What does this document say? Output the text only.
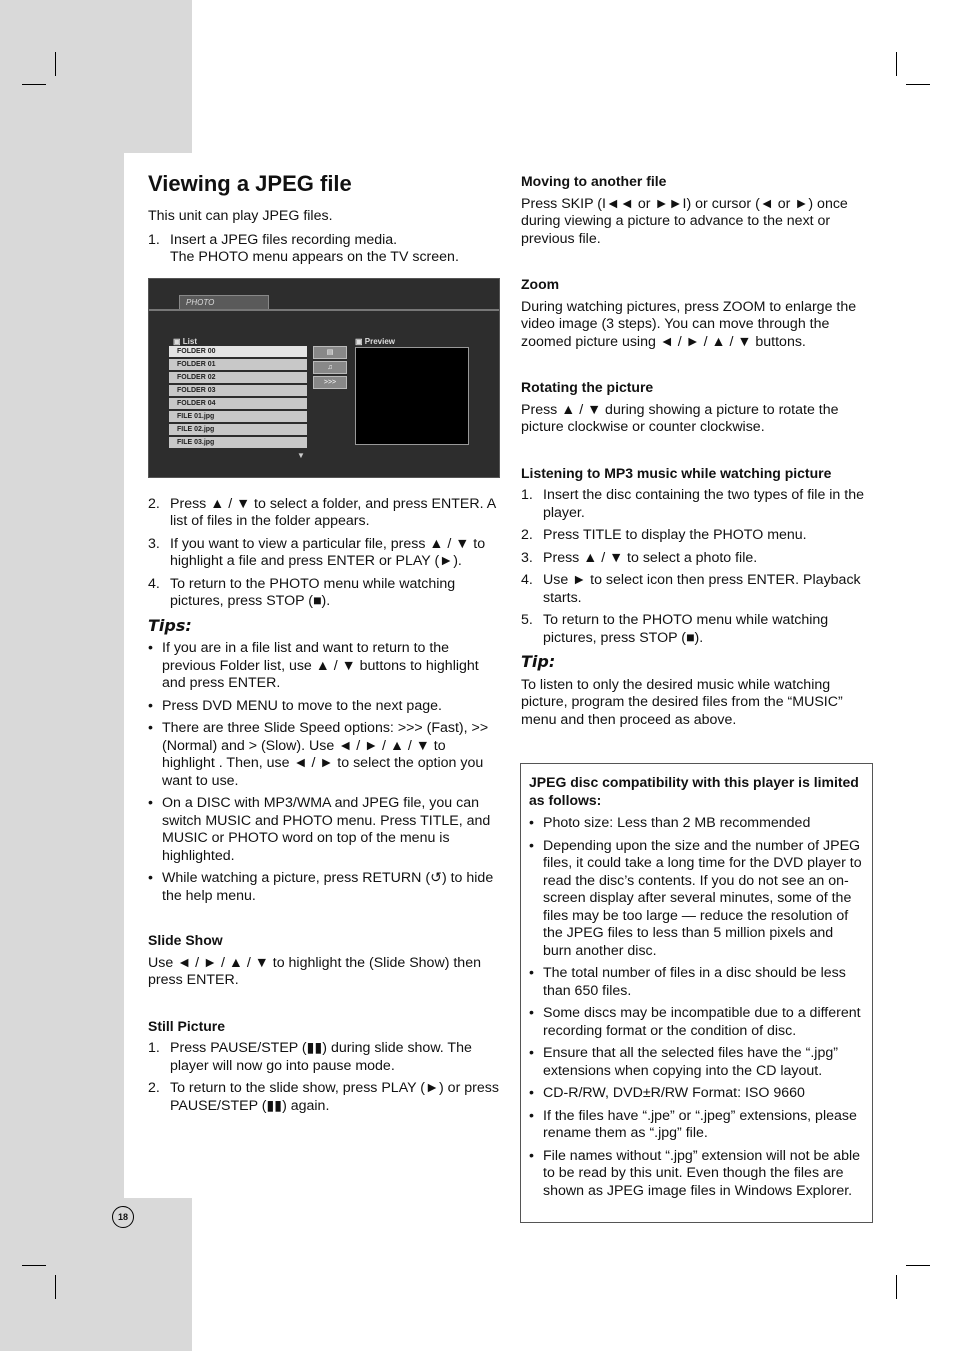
Viewing a JPEG file

This unit can play JPEG files.

1. Insert a JPEG files recording media.
The PHOTO menu appears on the TV screen.
PHOTO
▣ List	▣ Preview
FOLDER 00
FOLDER 01
FOLDER 02
FOLDER 03
FOLDER 04
FILE 01.jpg
FILE 02.jpg
FILE 03.jpg
▤
♫
>>>
▼
2. Press ▲ / ▼ to select a folder, and press ENTER. A list of files in the folder appears.
3. If you want to view a particular file, press ▲ / ▼ to highlight a file and press ENTER or PLAY (►).
4. To return to the PHOTO menu while watching pictures, press STOP (■).
Tips:
• If you are in a file list and want to return to the previous Folder list, use ▲ / ▼ buttons to highlight and press ENTER.
• Press DVD MENU to move to the next page.
• There are three Slide Speed options: >>> (Fast), >> (Normal) and > (Slow). Use ◄ / ► / ▲ / ▼ to highlight . Then, use ◄ / ► to select the option you want to use.
• On a DISC with MP3/WMA and JPEG file, you can switch MUSIC and PHOTO menu. Press TITLE, and MUSIC or PHOTO word on top of the menu is highlighted.
• While watching a picture, press RETURN (↺) to hide the help menu.
Slide Show

Use ◄ / ► / ▲ / ▼ to highlight the (Slide Show) then press ENTER.

Still Picture
1. Press PAUSE/STEP (▮▮) during slide show. The player will now go into pause mode.
2. To return to the slide show, press PLAY (►) or press PAUSE/STEP (▮▮) again.
Moving to another file

Press SKIP (I◄◄ or ►►I) or cursor (◄ or ►) once during viewing a picture to advance to the next or previous file.

Zoom

During watching pictures, press ZOOM to enlarge the video image (3 steps). You can move through the zoomed picture using ◄ / ► / ▲ / ▼ buttons.

Rotating the picture

Press ▲ / ▼ during showing a picture to rotate the picture clockwise or counter clockwise.

Listening to MP3 music while watching picture
1. Insert the disc containing the two types of file in the player.
2. Press TITLE to display the PHOTO menu.
3. Press ▲ / ▼ to select a photo file.
4. Use ► to select icon then press ENTER. Playback starts.
5. To return to the PHOTO menu while watching pictures, press STOP (■).
Tip:

To listen to only the desired music while watching picture, program the desired files from the “MUSIC” menu and then proceed as above.

JPEG disc compatibility with this player is limited as follows:
• Photo size: Less than 2 MB recommended
• Depending upon the size and the number of JPEG files, it could take a long time for the DVD player to read the disc’s contents. If you do not see an on-screen display after several minutes, some of the files may be too large — reduce the resolution of the JPEG files to less than 5 million pixels and burn another disc.
• The total number of files in a disc should be less than 650 files.
• Some discs may be incompatible due to a different recording format or the condition of disc.
• Ensure that all the selected files have the “.jpg” extensions when copying into the CD layout.
• CD-R/RW, DVD±R/RW Format: ISO 9660
• If the files have “.jpe” or “.jpeg” extensions, please rename them as “.jpg” file.
• File names without “.jpg” extension will not be able to be read by this unit. Even though the files are shown as JPEG image files in Windows Explorer.
18
